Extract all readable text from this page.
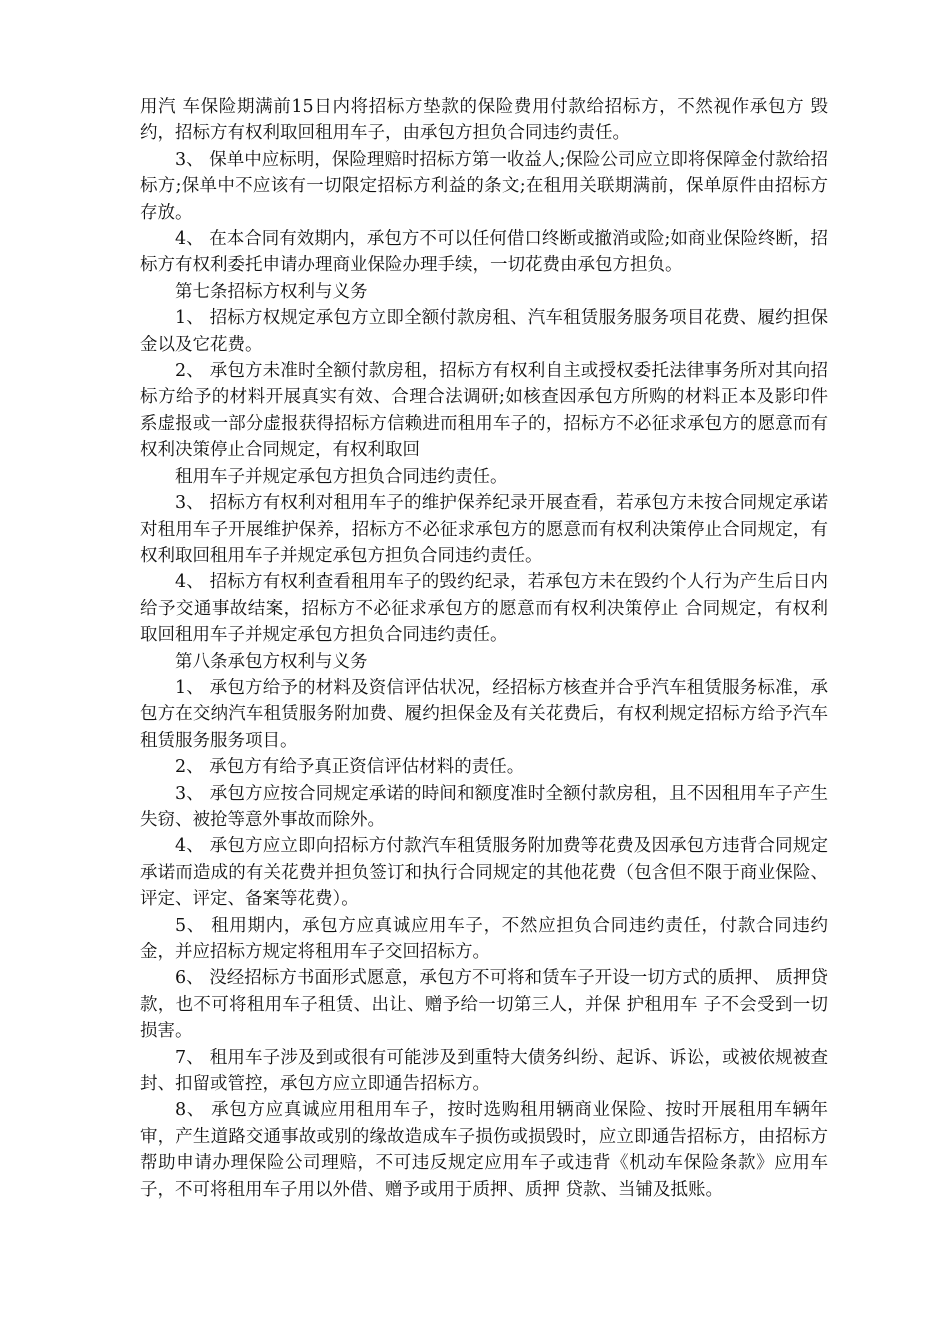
用汽 车保险期满前15日内将招标方垫款的保险费用付款给招标方，不然视作承包方 毁约，招标方有权利取回租用车子，由承包方担负合同违约责任。

3、 保单中应标明，保险理赔时招标方第一收益人;保险公司应立即将保障金付款给招标方;保单中不应该有一切限定招标方利益的条文;在租用关联期满前，保单原件由招标方存放。

4、 在本合同有效期内，承包方不可以任何借口终断或撤消或险;如商业保险终断，招标方有权利委托申请办理商业保险办理手续，一切花费由承包方担负。

第七条招标方权利与义务

1、 招标方权规定承包方立即全额付款房租、汽车租赁服务服务项目花费、履约担保金以及它花费。

2、 承包方未准时全额付款房租，招标方有权利自主或授权委托法律事务所对其向招标方给予的材料开展真实有效、合理合法调研;如核查因承包方所购的材料正本及影印件系虚报或一部分虚报获得招标方信赖进而租用车子的，招标方不必征求承包方的愿意而有权利决策停止合同规定，有权利取回

租用车子并规定承包方担负合同违约责任。

3、 招标方有权利对租用车子的维护保养纪录开展查看，若承包方未按合同规定承诺对租用车子开展维护保养，招标方不必征求承包方的愿意而有权利决策停止合同规定，有权利取回租用车子并规定承包方担负合同违约责任。

4、 招标方有权利查看租用车子的毁约纪录，若承包方未在毁约个人行为产生后日内给予交通事故结案，招标方不必征求承包方的愿意而有权利决策停止 合同规定，有权利取回租用车子并规定承包方担负合同违约责任。

第八条承包方权利与义务

1、 承包方给予的材料及资信评估状况，经招标方核查并合乎汽车租赁服务标准，承包方在交纳汽车租赁服务附加费、履约担保金及有关花费后，有权利规定招标方给予汽车租赁服务服务项目。

2、 承包方有给予真正资信评估材料的责任。

3、 承包方应按合同规定承诺的時间和额度准时全额付款房租，且不因租用车子产生失窃、被抢等意外事故而除外。

4、 承包方应立即向招标方付款汽车租赁服务附加费等花费及因承包方违背合同规定承诺而造成的有关花费并担负签订和执行合同规定的其他花费（包含但不限于商业保险、评定、评定、备案等花费）。

5、 租用期内，承包方应真诚应用车子，不然应担负合同违约责任，付款合同违约金，并应招标方规定将租用车子交回招标方。

6、 没经招标方书面形式愿意，承包方不可将和赁车子开设一切方式的质押、 质押贷款，也不可将租用车子租赁、出让、赠予给一切第三人，并保 护租用车 子不会受到一切损害。

7、 租用车子涉及到或很有可能涉及到重特大债务纠纷、起诉、诉讼，或被依规被查封、扣留或管控，承包方应立即通告招标方。

8、 承包方应真诚应用租用车子，按时选购租用辆商业保险、按时开展租用车辆年审，产生道路交通事故或别的缘故造成车子损伤或损毁时，应立即通告招标方，由招标方帮助申请办理保险公司理赔，不可违反规定应用车子或违背《机动车保险条款》应用车子，不可将租用车子用以外借、赠予或用于质押、质押 贷款、当铺及抵账。
